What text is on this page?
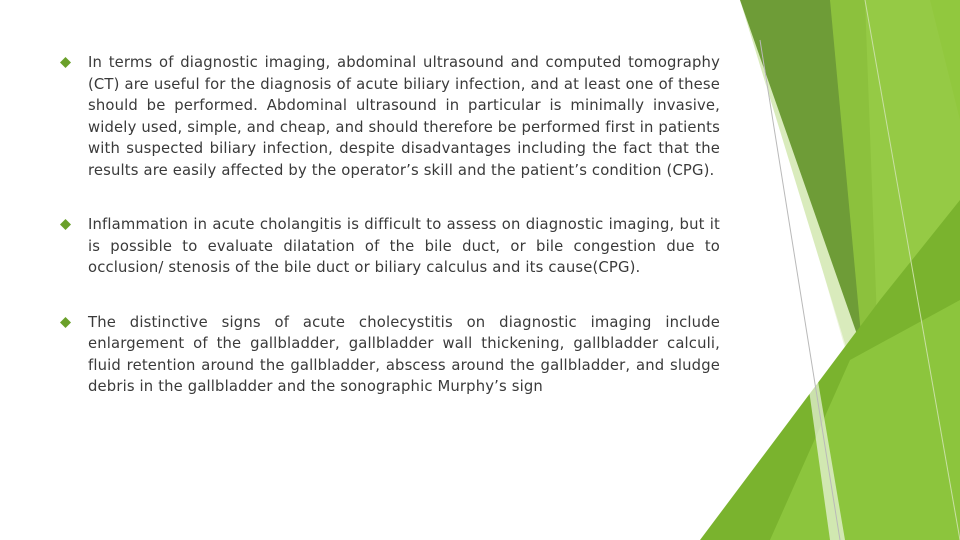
In terms of diagnostic imaging, abdominal ultrasound and computed tomography (CT) are useful for the diagnosis of acute biliary infection, and at least one of these should be performed. Abdominal ultrasound in particular is minimally invasive, widely used, simple, and cheap, and should therefore be performed first in patients with suspected biliary infection, despite disadvantages including the fact that the results are easily affected by the operator’s skill and the patient’s condition (CPG).
Inflammation in acute cholangitis is difficult to assess on diagnostic imaging, but it is possible to evaluate dilatation of the bile duct, or bile congestion due to occlusion/ stenosis of the bile duct or biliary calculus and its cause(CPG).
The distinctive signs of acute cholecystitis on diagnostic imaging include enlargement of the gallbladder, gallbladder wall thickening, gallbladder calculi, fluid retention around the gallbladder, abscess around the gallbladder, and sludge debris in the gallbladder and the sonographic Murphy’s sign
